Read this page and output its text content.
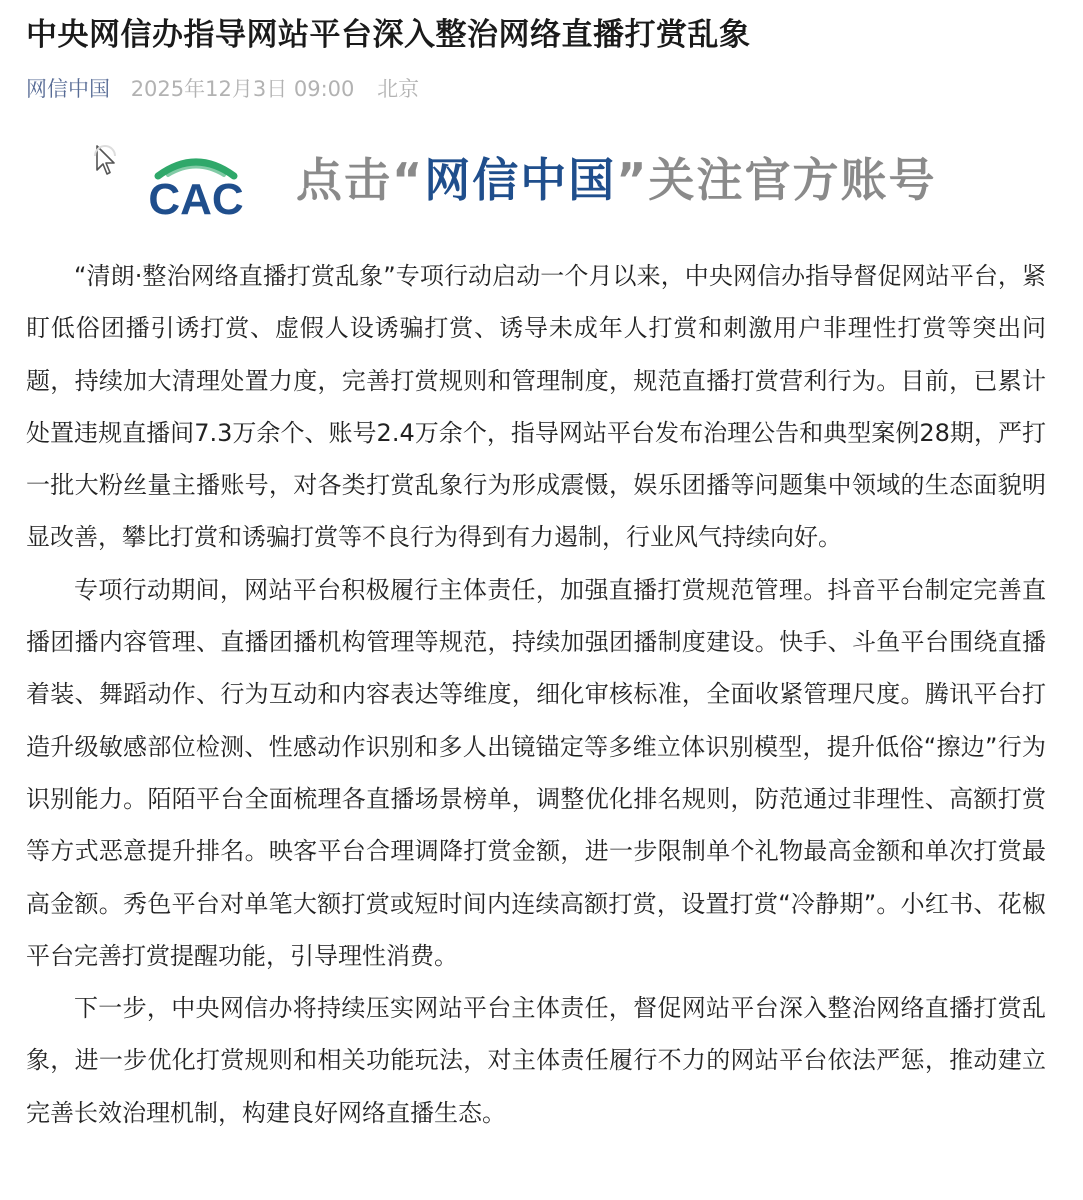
中央网信办指导网站平台深入整治网络直播打赏乱象
网信中国 2025年12月3日 09:00 北京
CAC 点击“网信中国”关注官方账号

“清朗·整治网络直播打赏乱象”专项行动启动一个月以来，中央网信办指导督促网站平台，紧盯低俗团播引诱打赏、虚假人设诱骗打赏、诱导未成年人打赏和刺激用户非理性打赏等突出问题，持续加大清理处置力度，完善打赏规则和管理制度，规范直播打赏营利行为。目前，已累计处置违规直播间7.3万余个、账号2.4万余个，指导网站平台发布治理公告和典型案例28期，严打一批大粉丝量主播账号，对各类打赏乱象行为形成震慑，娱乐团播等问题集中领域的生态面貌明显改善，攀比打赏和诱骗打赏等不良行为得到有力遏制，行业风气持续向好。

专项行动期间，网站平台积极履行主体责任，加强直播打赏规范管理。抖音平台制定完善直播团播内容管理、直播团播机构管理等规范，持续加强团播制度建设。快手、斗鱼平台围绕直播着装、舞蹈动作、行为互动和内容表达等维度，细化审核标准，全面收紧管理尺度。腾讯平台打造升级敏感部位检测、性感动作识别和多人出镜锚定等多维立体识别模型，提升低俗“擦边”行为识别能力。陌陌平台全面梳理各直播场景榜单，调整优化排名规则，防范通过非理性、高额打赏等方式恶意提升排名。映客平台合理调降打赏金额，进一步限制单个礼物最高金额和单次打赏最高金额。秀色平台对单笔大额打赏或短时间内连续高额打赏，设置打赏“冷静期”。小红书、花椒平台完善打赏提醒功能，引导理性消费。

下一步，中央网信办将持续压实网站平台主体责任，督促网站平台深入整治网络直播打赏乱象，进一步优化打赏规则和相关功能玩法，对主体责任履行不力的网站平台依法严惩，推动建立完善长效治理机制，构建良好网络直播生态。
